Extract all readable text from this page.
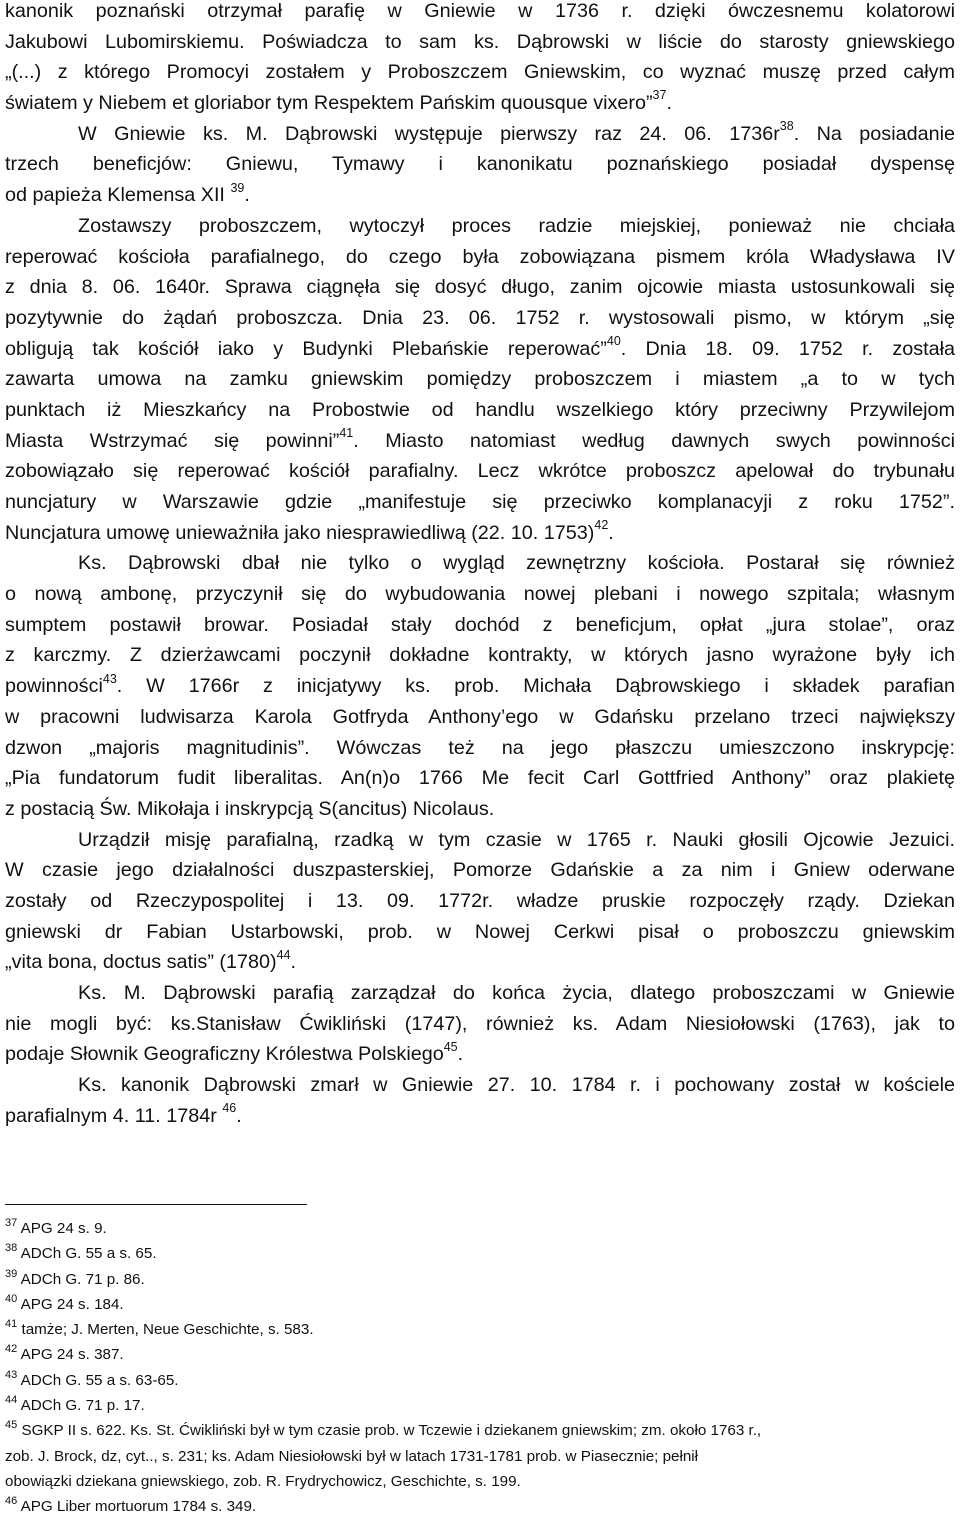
kanonik poznański otrzymał parafię w Gniewie w 1736 r. dzięki ówczesnemu kolatorowi
Jakubowi Lubomirskiemu. Poświadcza to sam ks. Dąbrowski w liście do starosty gniewskiego
„(...) z którego Promocyi zostałem y Proboszczem Gniewskim, co wyznać muszę przed całym
światem y Niebem et gloriabor tym Respektem Pańskim quousque vixero”$^{37}$.
W Gniewie ks. M. Dąbrowski występuje pierwszy raz 24. 06. $1736r^{38}$. Na posiadanie
trzech beneficjów: Gniewu, Tymawy i kanonikatu poznańskiego posiadał dyspensę
od papieża Klemensa XII $^{39}$.
Zostawszy proboszczem, wytoczył proces radzie miejskiej, ponieważ nie chciała
reperować kościoła parafialnego, do czego była zobowiązana pismem króla Władysława IV
z dnia 8. 06. 1640r. Sprawa ciągnęła się dosyć długo, zanim ojcowie miasta ustosunkowali się
pozytywnie do żądań proboszcza. Dnia 23. 06. 1752 r. wystosowali pismo, w którym „się
obligują tak kościół iako y Budynki Plebańskie reperować”$^{40}$. Dnia 18. 09. 1752 r. została
zawarta umowa na zamku gniewskim pomiędzy proboszczem i miastem „a to w tych
punktach iż Mieszkańcy na Probostwie od handlu wszelkiego który przeciwny Przywilejom
Miasta Wstrzymać się powinni”$^{41}$. Miasto natomiast według dawnych swych powinności
zobowiązało się reperować kościół parafialny. Lecz wkrótce proboszcz apelował do trybunału
nuncjatury w Warszawie gdzie „manifestuje się przeciwko komplanacyji z roku 1752”.
Nuncjatura umowę unieważniła jako niesprawiedliwą (22. 10. 1753)$^{42}$.
Ks. Dąbrowski dbał nie tylko o wygląd zewnętrzny kościoła. Postarał się również
o nową ambonę, przyczynił się do wybudowania nowej plebani i nowego szpitala; własnym
sumptem postawił browar. Posiadał stały dochód z beneficjum, opłat „jura stolae”, oraz
z karczmy. Z dzierżawcami poczynił dokładne kontrakty, w których jasno wyrażone były ich
powinności$^{43}$. W 1766r z inicjatywy ks. prob. Michała Dąbrowskiego i składek parafian
w pracowni ludwisarza Karola Gotfryda Anthony’ego w Gdańsku przelano trzeci największy
dzwon „majoris magnitudinis”. Wówczas też na jego płaszczu umieszczono inskrypcję:
„Pia fundatorum fudit liberalitas. An(n)o 1766 Me fecit Carl Gottfried Anthony” oraz plakietę
z postacią Św. Mikołaja i inskrypcją S(ancitus) Nicolaus.
Urządził misję parafialną, rzadką w tym czasie w 1765 r. Nauki głosili Ojcowie Jezuici.
W czasie jego działalności duszpasterskiej, Pomorze Gdańskie a za nim i Gniew oderwane
zostały od Rzeczypospolitej i 13. 09. 1772r. władze pruskie rozpoczęły rządy. Dziekan
gniewski dr Fabian Ustarbowski, prob. w Nowej Cerkwi pisał o proboszczu gniewskim
„vita bona, doctus satis” $(1780)^{44}$.
Ks. M. Dąbrowski parafią zarządzał do końca życia, dlatego proboszczami w Gniewie
nie mogli być: ks.Stanisław Ćwikliński (1747), również ks. Adam Niesiołowski (1763), jak to
podaje Słownik Geograficzny Królestwa Polskiego$^{45}$.
Ks. kanonik Dąbrowski zmarł w Gniewie 27. 10. 1784 r. i pochowany został w kościele
parafialnym 4. 11. 1784r $^{46}$.
$^{37}$ APG 24 s. 9.
$^{38}$ ADCh G. 55 a s. 65.
$^{39}$ ADCh G. 71 p. 86.
$^{40}$ APG 24 s. 184.
$^{41}$ tamże; J. Merten, Neue Geschichte, s. 583.
$^{42}$ APG 24 s. 387.
$^{43}$ ADCh G. 55 a s. 63-65.
$^{44}$ ADCh G. 71 p. 17.
$^{45}$ SGKP II s. 622. Ks. St. Ćwikliński był w tym czasie prob. w Tczewie i dziekanem gniewskim; zm. około 1763 r.,
zob. J. Brock, dz, cyt.., s. 231; ks. Adam Niesiołowski był w latach 1731-1781 prob. w Piasecznie; pełnił
obowiązki dziekana gniewskiego, zob. R. Frydrychowicz, Geschichte, s. 199.
$^{46}$ APG Liber mortuorum 1784 s. 349.
